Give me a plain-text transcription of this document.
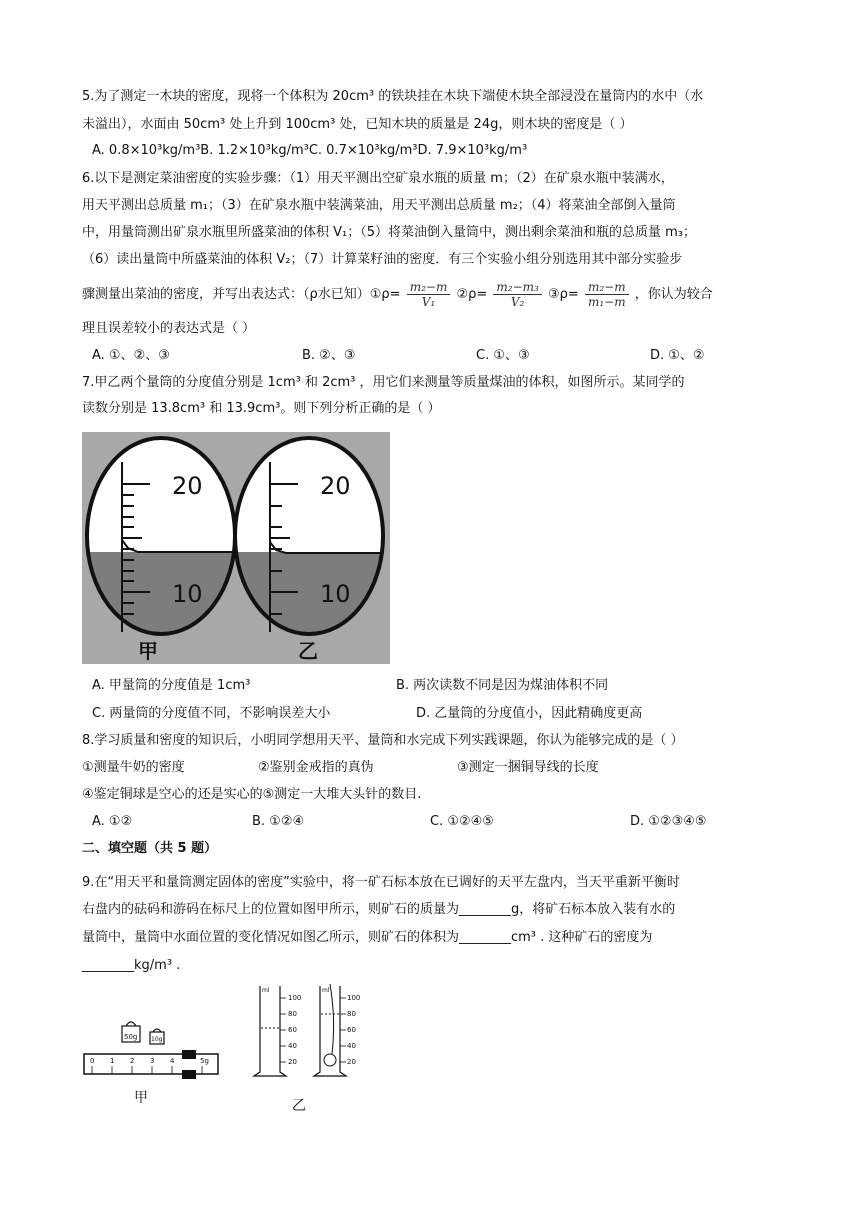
5.为了测定一木块的密度，现将一个体积为 20cm³ 的铁块挂在木块下端使木块全部浸没在量筒内的水中（水
未溢出），水面由 50cm³ 处上升到 100cm³ 处，已知木块的质量是 24g，则木块的密度是（ ）
A. 0.8×10³kg/m³B. 1.2×10³kg/m³C. 0.7×10³kg/m³D. 7.9×10³kg/m³
6.以下是测定菜油密度的实验步骤：（1）用天平测出空矿泉水瓶的质量 m；（2）在矿泉水瓶中装满水，
用天平测出总质量 m₁；（3）在矿泉水瓶中装满菜油，用天平测出总质量 m₂；（4）将菜油全部倒入量筒
中，用量筒测出矿泉水瓶里所盛菜油的体积 V₁；（5）将菜油倒入量筒中，测出剩余菜油和瓶的总质量 m₃；
（6）读出量筒中所盛菜油的体积 V₂；（7）计算菜籽油的密度．有三个实验小组分别选用其中部分实验步
骤测量出菜油的密度，并写出表达式：（ρ水已知）①ρ= $\frac{\text{m₂−m}}{\text{V₁}}$ ②ρ= $\frac{\text{m₂−m₃}}{\text{V₂}}$ ③ρ= $\frac{\text{m₂−m}}{\text{m₁−m}}$ ，你认为较合
理且误差较小的表达式是（ ）
A. ①、②、③	B. ②、③	C. ①、③	D. ①、②
7.甲乙两个量筒的分度值分别是 1cm³ 和 2cm³ ，用它们来测量等质量煤油的体积，如图所示。某同学的
读数分别是 13.8cm³ 和 13.9cm³。则下列分析正确的是（ ）
20
10
甲
20
10
乙
A. 甲量筒的分度值是 1cm³	B. 两次读数不同是因为煤油体积不同
C. 两量筒的分度值不同，不影响误差大小	D. 乙量筒的分度值小，因此精确度更高
8.学习质量和密度的知识后，小明同学想用天平、量筒和水完成下列实践课题，你认为能够完成的是（ ）
①测量牛奶的密度	②鉴别金戒指的真伪	③测定一捆铜导线的长度
④鉴定铜球是空心的还是实心的⑤测定一大堆大头针的数目.
A. ①②	B. ①②④	C. ①②④⑤	D. ①②③④⑤
二、填空题（共 5 题）
9.在“用天平和量筒测定固体的密度”实验中，将一矿石标本放在已调好的天平左盘内，当天平重新平衡时
右盘内的砝码和游码在标尺上的位置如图甲所示，则矿石的质量为________g，将矿石标本放入装有水的
量筒中，量筒中水面位置的变化情况如图乙所示，则矿石的体积为________cm³ . 这种矿石的密度为
________kg/m³ .
50g 10g
0 1 2 3 4	5g
甲
ml	ml
100
80
60
40
20
100
80
60
40
20
乙
